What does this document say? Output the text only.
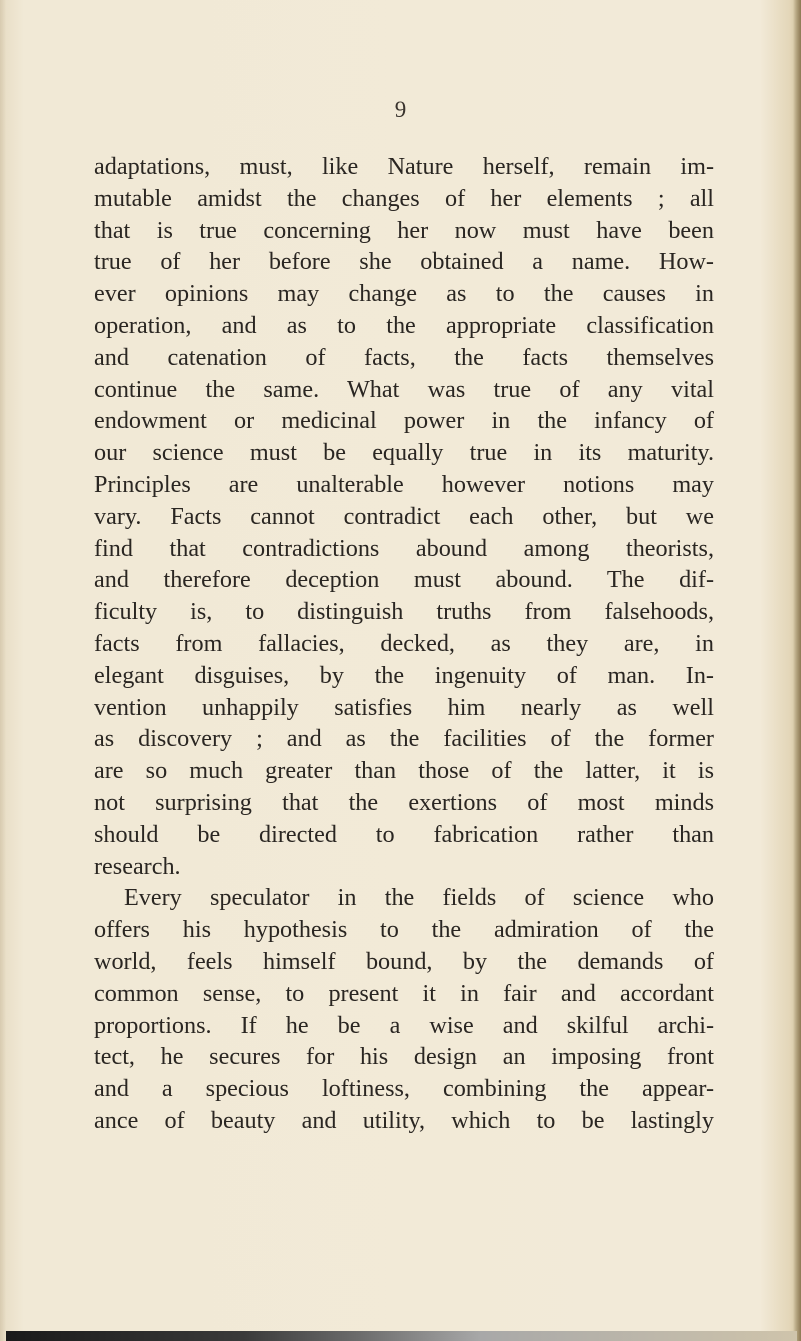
9
adaptations, must, like Nature herself, remain im-
mutable amidst the changes of her elements ; all
that is true concerning her now must have been
true of her before she obtained a name. How-
ever opinions may change as to the causes in
operation, and as to the appropriate classification
and catenation of facts, the facts themselves
continue the same. What was true of any vital
endowment or medicinal power in the infancy of
our science must be equally true in its maturity.
Principles are unalterable however notions may
vary. Facts cannot contradict each other, but we
find that contradictions abound among theorists,
and therefore deception must abound. The dif-
ficulty is, to distinguish truths from falsehoods,
facts from fallacies, decked, as they are, in
elegant disguises, by the ingenuity of man. In-
vention unhappily satisfies him nearly as well
as discovery ; and as the facilities of the former
are so much greater than those of the latter, it is
not surprising that the exertions of most minds
should be directed to fabrication rather than
research.
Every speculator in the fields of science who
offers his hypothesis to the admiration of the
world, feels himself bound, by the demands of
common sense, to present it in fair and accordant
proportions. If he be a wise and skilful archi-
tect, he secures for his design an imposing front
and a specious loftiness, combining the appear-
ance of beauty and utility, which to be lastingly
